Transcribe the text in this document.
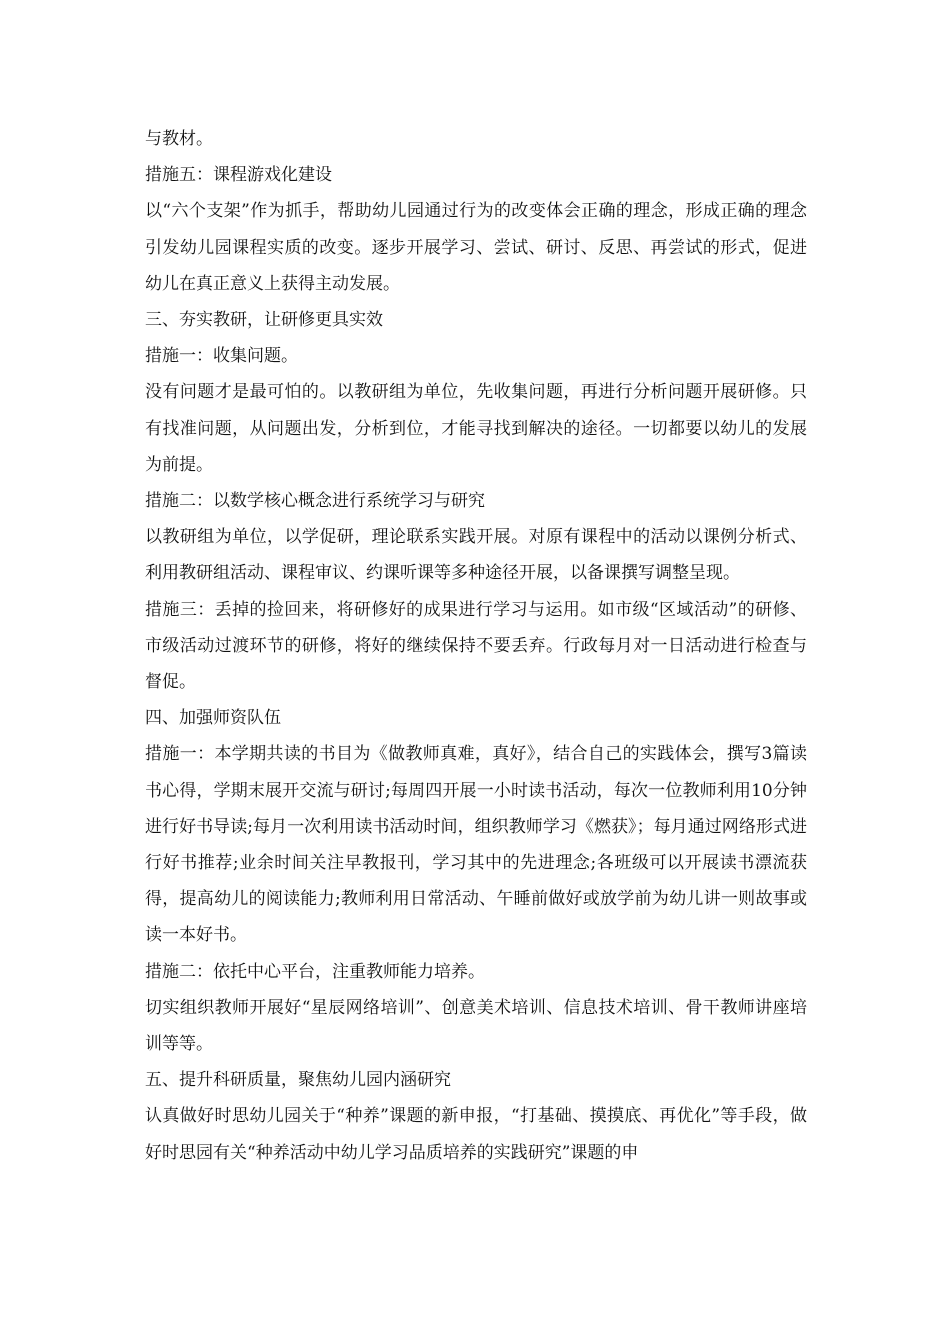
与教材。

措施五：课程游戏化建设

以“六个支架”作为抓手，帮助幼儿园通过行为的改变体会正确的理念，形成正确的理念引发幼儿园课程实质的改变。逐步开展学习、尝试、研讨、反思、再尝试的形式，促进幼儿在真正意义上获得主动发展。

三、夯实教研，让研修更具实效

措施一：收集问题。

没有问题才是最可怕的。以教研组为单位，先收集问题，再进行分析问题开展研修。只有找准问题，从问题出发，分析到位，才能寻找到解决的途径。一切都要以幼儿的发展为前提。

措施二：以数学核心概念进行系统学习与研究

以教研组为单位，以学促研，理论联系实践开展。对原有课程中的活动以课例分析式、利用教研组活动、课程审议、约课听课等多种途径开展，以备课撰写调整呈现。

措施三：丢掉的捡回来，将研修好的成果进行学习与运用。如市级“区域活动”的研修、市级活动过渡环节的研修，将好的继续保持不要丢弃。行政每月对一日活动进行检查与督促。

四、加强师资队伍

措施一：本学期共读的书目为《做教师真难，真好》，结合自己的实践体会，撰写3篇读书心得，学期末展开交流与研讨;每周四开展一小时读书活动，每次一位教师利用10分钟进行好书导读;每月一次利用读书活动时间，组织教师学习《燃获》；每月通过网络形式进行好书推荐;业余时间关注早教报刊，学习其中的先进理念;各班级可以开展读书漂流获得，提高幼儿的阅读能力;教师利用日常活动、午睡前做好或放学前为幼儿讲一则故事或读一本好书。

措施二：依托中心平台，注重教师能力培养。

切实组织教师开展好“星辰网络培训”、创意美术培训、信息技术培训、骨干教师讲座培训等等。

五、提升科研质量，聚焦幼儿园内涵研究

认真做好时思幼儿园关于“种养”课题的新申报，“打基础、摸摸底、再优化”等手段，做好时思园有关“种养活动中幼儿学习品质培养的实践研究”课题的申
